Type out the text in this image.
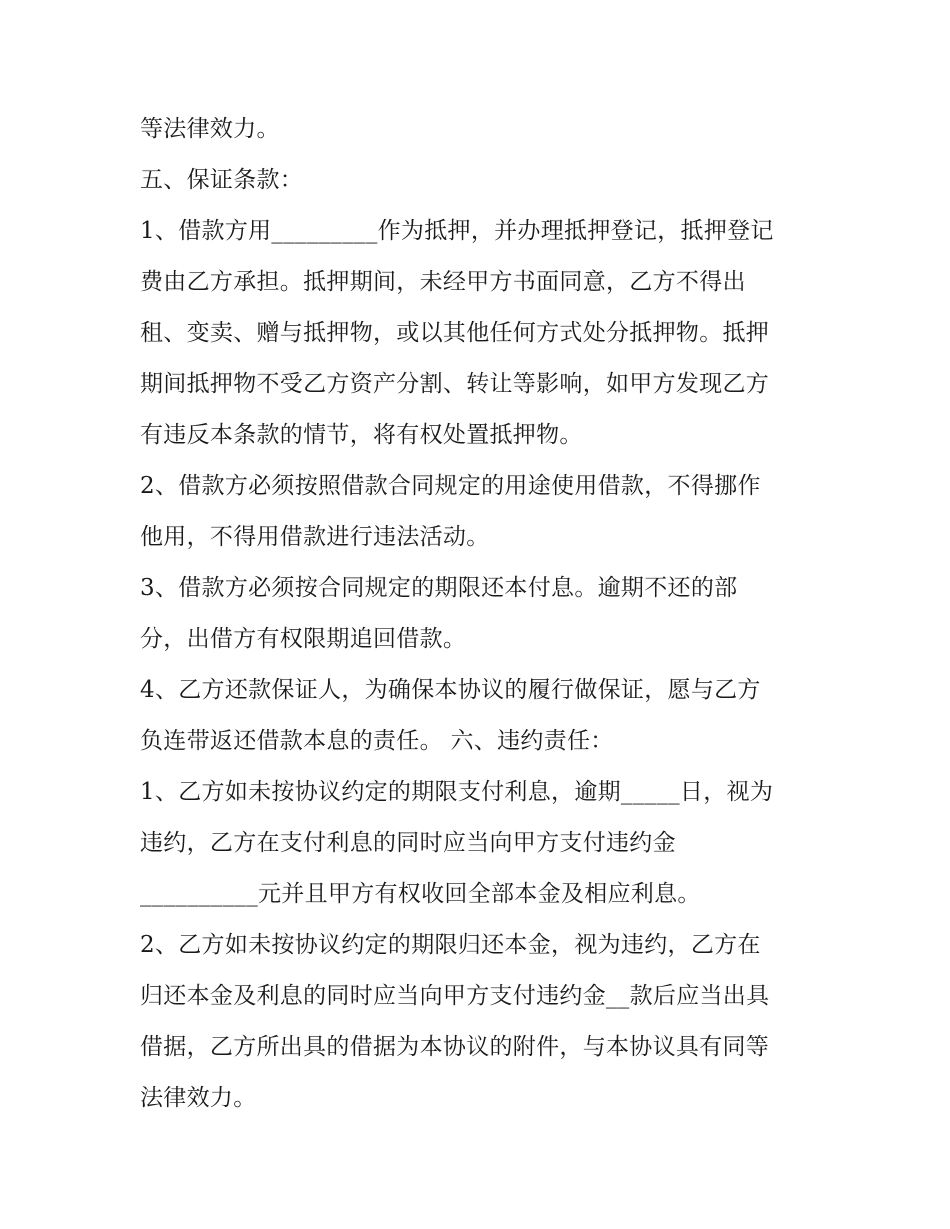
等法律效力。
五、保证条款：
1、借款方用_________作为抵押，并办理抵押登记，抵押登记
费由乙方承担。抵押期间，未经甲方书面同意，乙方不得出
租、变卖、赠与抵押物，或以其他任何方式处分抵押物。抵押
期间抵押物不受乙方资产分割、转让等影响，如甲方发现乙方
有违反本条款的情节，将有权处置抵押物。
2、借款方必须按照借款合同规定的用途使用借款，不得挪作
他用，不得用借款进行违法活动。
3、借款方必须按合同规定的期限还本付息。逾期不还的部
分，出借方有权限期追回借款。
4、乙方还款保证人，为确保本协议的履行做保证，愿与乙方
负连带返还借款本息的责任。 六、违约责任：
1、乙方如未按协议约定的期限支付利息，逾期_____日，视为
违约，乙方在支付利息的同时应当向甲方支付违约金
__________元并且甲方有权收回全部本金及相应利息。
2、乙方如未按协议约定的期限归还本金，视为违约，乙方在
归还本金及利息的同时应当向甲方支付违约金__款后应当出具
借据，乙方所出具的借据为本协议的附件，与本协议具有同等
法律效力。
